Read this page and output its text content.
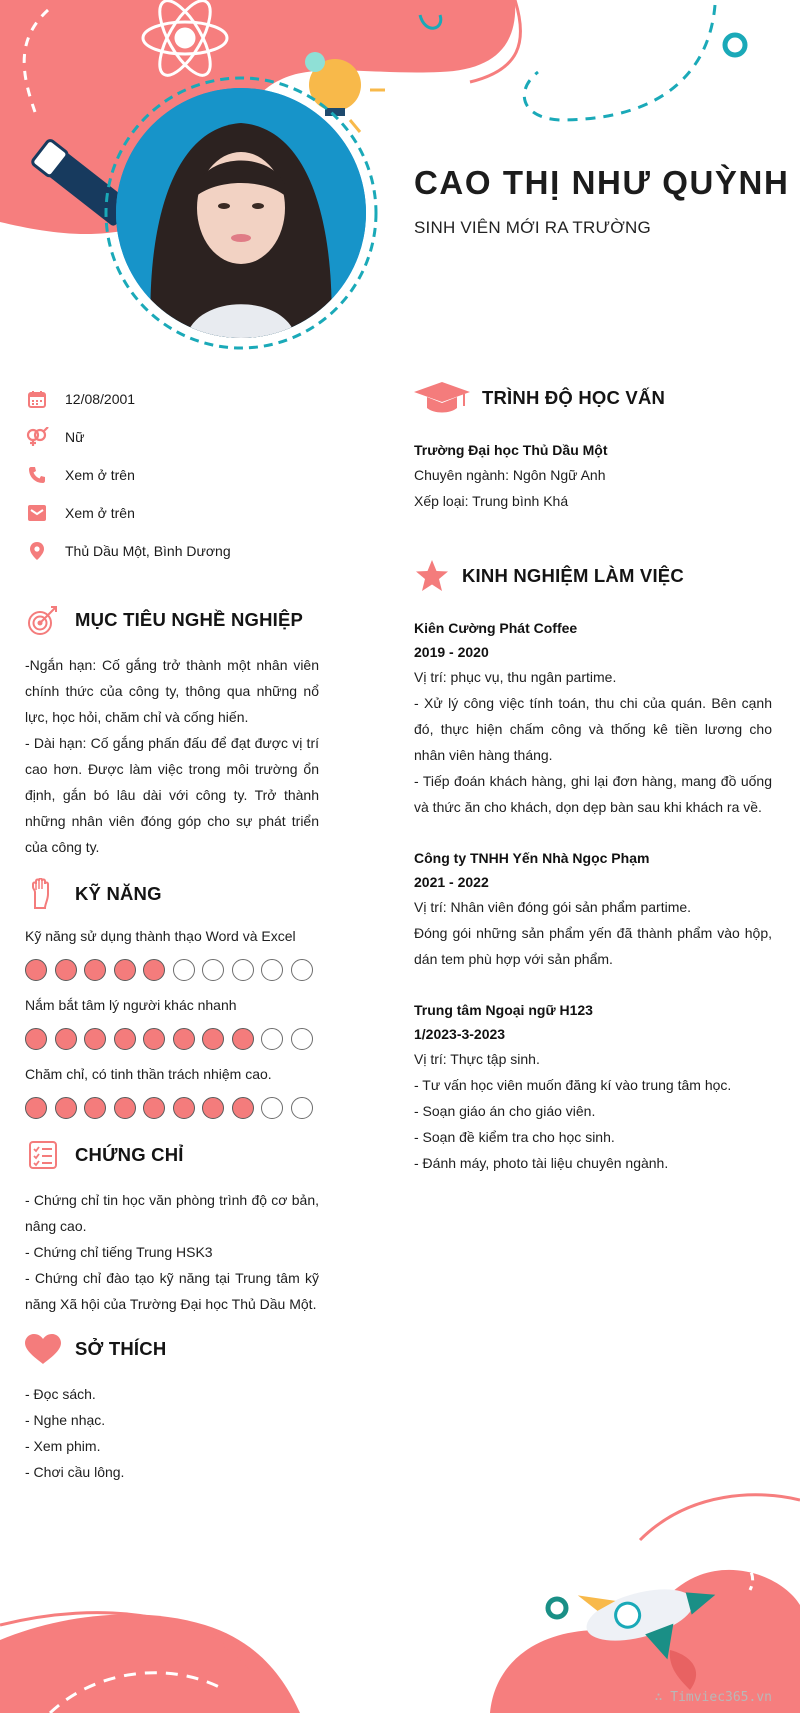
CAO THỊ NHƯ QUỲNH
SINH VIÊN MỚI RA TRƯỜNG
12/08/2001
Nữ
Xem ở trên
Xem ở trên
Thủ Dầu Một, Bình Dương
MỤC TIÊU NGHỀ NGHIỆP

-Ngắn hạn: Cố gắng trở thành một nhân viên chính thức của công ty, thông qua những nổ lực, học hỏi, chăm chỉ và cống hiến.

- Dài hạn: Cố gắng phấn đấu để đạt được vị trí cao hơn. Được làm việc trong môi trường ổn định, gắn bó lâu dài với công ty. Trở thành những nhân viên đóng góp cho sự phát triển của công ty.

KỸ NĂNG
Kỹ năng sử dụng thành thạo Word và Excel
Nắm bắt tâm lý người khác nhanh
Chăm chỉ, có tinh thần trách nhiệm cao.
CHỨNG CHỈ

- Chứng chỉ tin học văn phòng trình độ cơ bản, nâng cao.

- Chứng chỉ tiếng Trung HSK3

- Chứng chỉ đào tạo kỹ năng tại Trung tâm kỹ năng Xã hội của Trường Đại học Thủ Dầu Một.

SỞ THÍCH

- Đọc sách.

- Nghe nhạc.

- Xem phim.

- Chơi cầu lông.

TRÌNH ĐỘ HỌC VẤN

Trường Đại học Thủ Dầu Một

Chuyên ngành: Ngôn Ngữ Anh

Xếp loại: Trung bình Khá

KINH NGHIỆM LÀM VIỆC

Kiên Cường Phát Coffee

2019 - 2020

Vị trí: phục vụ, thu ngân partime.

- Xử lý công việc tính toán, thu chi của quán. Bên cạnh đó, thực hiện chấm công và thống kê tiền lương cho nhân viên hàng tháng.

- Tiếp đoán khách hàng, ghi lại đơn hàng, mang đồ uống và thức ăn cho khách, dọn dẹp bàn sau khi khách ra về.

Công ty TNHH Yến Nhà Ngọc Phạm

2021 - 2022

Vị trí: Nhân viên đóng gói sản phẩm partime.

Đóng gói những sản phẩm yến đã thành phẩm vào hộp, dán tem phù hợp với sản phẩm.

Trung tâm Ngoại ngữ H123

1/2023-3-2023

Vị trí: Thực tập sinh.

- Tư vấn học viên muốn đăng kí vào trung tâm học.

- Soạn giáo án cho giáo viên.

- Soạn đề kiểm tra cho học sinh.

- Đánh máy, photo tài liệu chuyên ngành.

∴ Timviec365.vn
